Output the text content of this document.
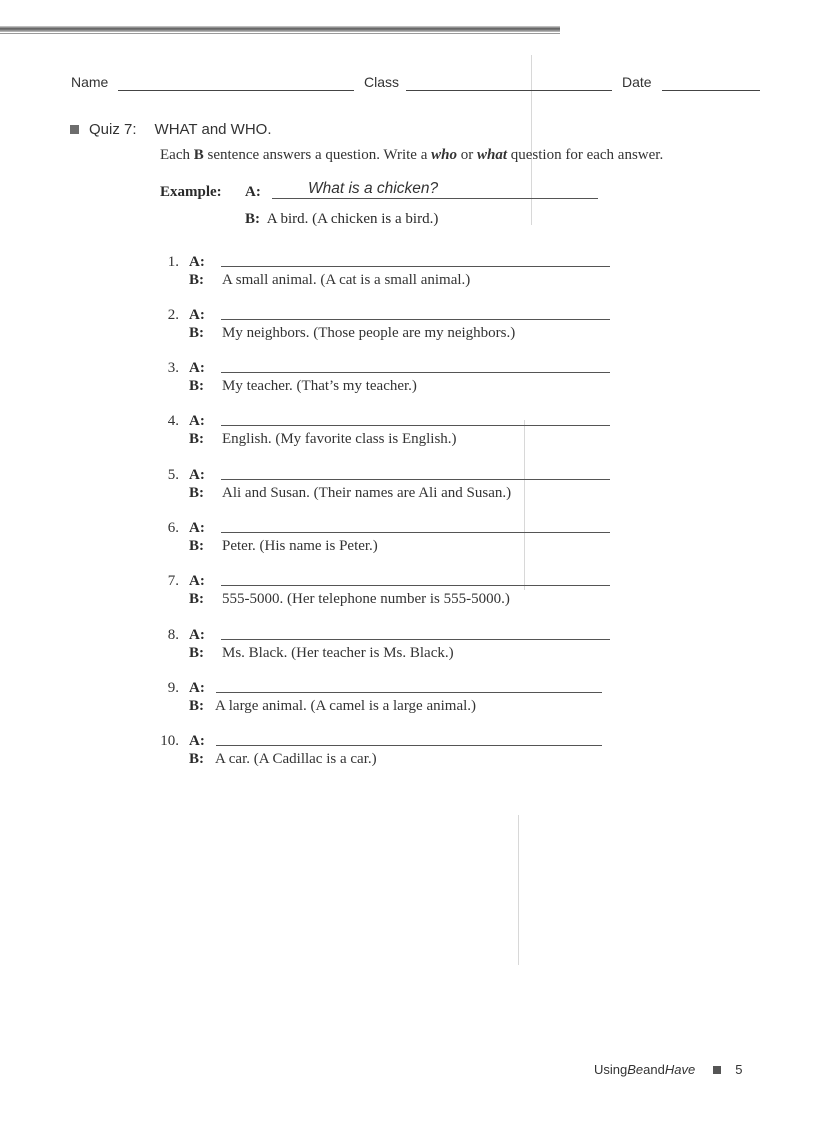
Name	Class	Date
Quiz 7: WHAT and WHO.
Each B sentence answers a question. Write a who or what question for each answer.
Example: A:	What is a chicken?
B: A bird. (A chicken is a bird.)
1. A:
B: A small animal. (A cat is a small animal.)
2. A:
B: My neighbors. (Those people are my neighbors.)
3. A:
B: My teacher. (That’s my teacher.)
4. A:
B: English. (My favorite class is English.)
5. A:
B: Ali and Susan. (Their names are Ali and Susan.)
6. A:
B: Peter. (His name is Peter.)
7. A:
B: 555-5000. (Her telephone number is 555-5000.)
8. A:
B: Ms. Black. (Her teacher is Ms. Black.)
9. A:
B: A large animal. (A camel is a large animal.)
10. A:
B: A car. (A Cadillac is a car.)
Using Be and Have	5
